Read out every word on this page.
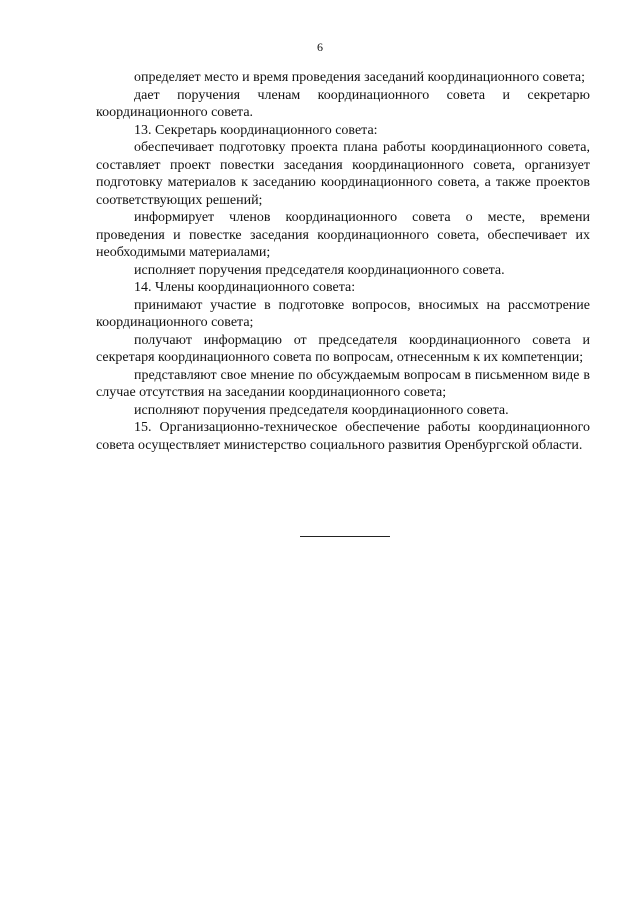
6

определяет место и время проведения заседаний координационного совета;

дает поручения членам координационного совета и секретарю координационного совета.

13. Секретарь координационного совета:

обеспечивает подготовку проекта плана работы координационного совета, составляет проект повестки заседания координационного совета, организует подготовку материалов к заседанию координационного совета, а также проектов соответствующих решений;

информирует членов координационного совета о месте, времени проведения и повестке заседания координационного совета, обеспечивает их необходимыми материалами;

исполняет поручения председателя координационного совета.

14. Члены координационного совета:

принимают участие в подготовке вопросов, вносимых на рассмотрение координационного совета;

получают информацию от председателя координационного совета и секретаря координационного совета по вопросам, отнесенным к их компетенции;

представляют свое мнение по обсуждаемым вопросам в письменном виде в случае отсутствия на заседании координационного совета;

исполняют поручения председателя координационного совета.

15. Организационно-техническое обеспечение работы координационного совета осуществляет министерство социального развития Оренбургской области.
